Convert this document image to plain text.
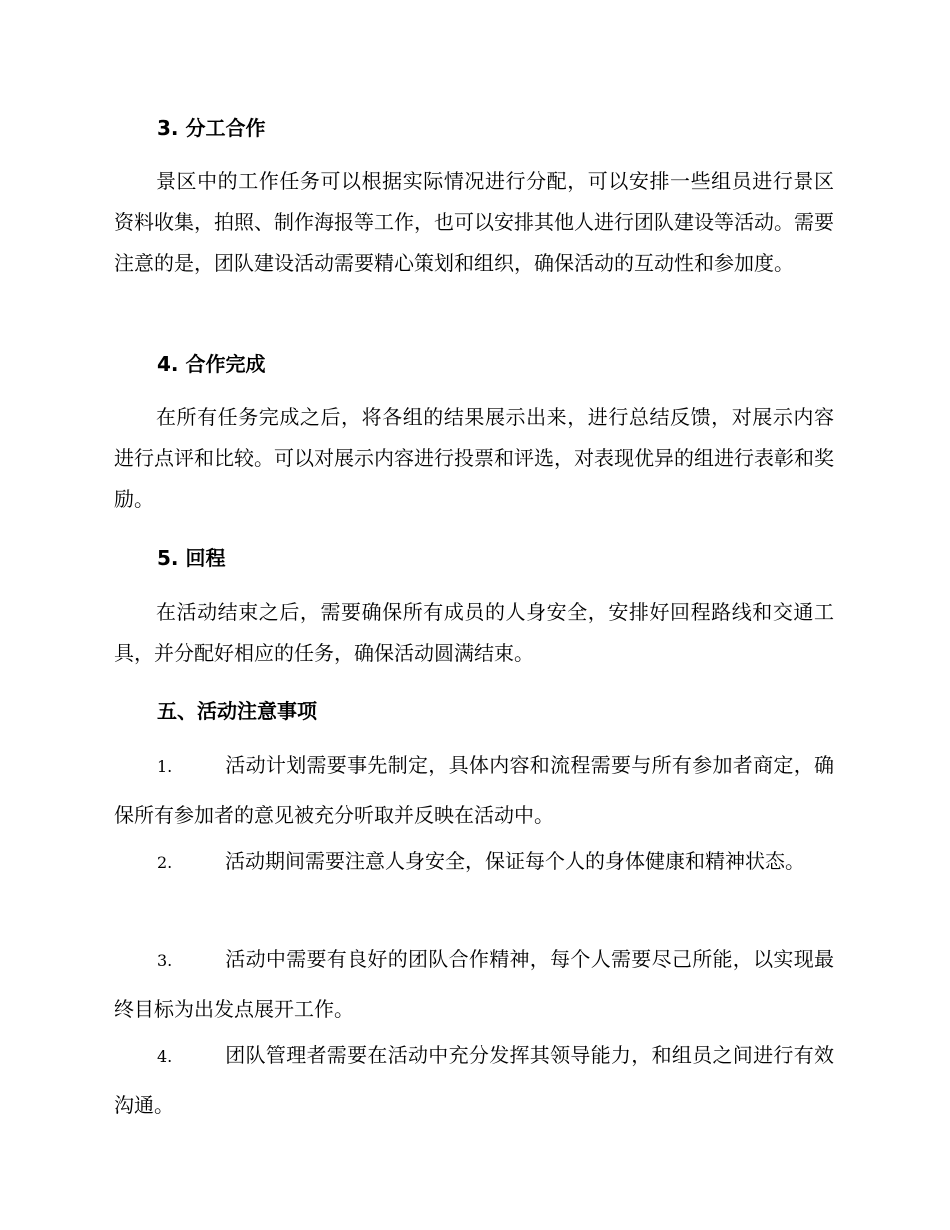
3. 分工合作
景区中的工作任务可以根据实际情况进行分配，可以安排一些组员进行景区资料收集，拍照、制作海报等工作，也可以安排其他人进行团队建设等活动。需要注意的是，团队建设活动需要精心策划和组织，确保活动的互动性和参加度。
4. 合作完成
在所有任务完成之后，将各组的结果展示出来，进行总结反馈，对展示内容进行点评和比较。可以对展示内容进行投票和评选，对表现优异的组进行表彰和奖励。
5. 回程
在活动结束之后，需要确保所有成员的人身安全，安排好回程路线和交通工具，并分配好相应的任务，确保活动圆满结束。
五、活动注意事项
1.	活动计划需要事先制定，具体内容和流程需要与所有参加者商定，确保所有参加者的意见被充分听取并反映在活动中。
2.	活动期间需要注意人身安全，保证每个人的身体健康和精神状态。
3.	活动中需要有良好的团队合作精神，每个人需要尽己所能，以实现最终目标为出发点展开工作。
4.	团队管理者需要在活动中充分发挥其领导能力，和组员之间进行有效沟通。
